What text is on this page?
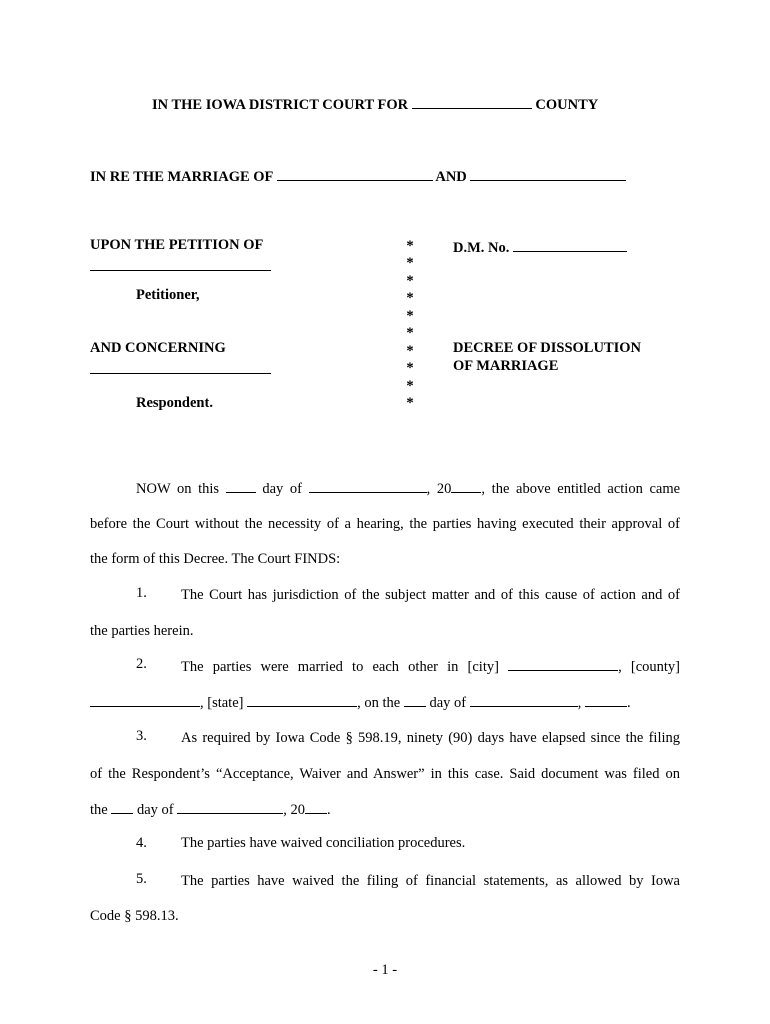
IN THE IOWA DISTRICT COURT FOR	COUNTY
IN RE THE MARRIAGE OF	AND
UPON THE PETITION OF
Petitioner,
AND CONCERNING
Respondent.
*
*
*
*
*
*
*
*
*
*
D.M. No.
DECREE OF DISSOLUTION
OF MARRIAGE
NOW on this	day of	, 20 , the above entitled action came
before the Court without the necessity of a hearing, the parties having executed their approval of
the form of this Decree. The Court FINDS:
1. The Court has jurisdiction of the subject matter and of this cause of action and of
the parties herein.
2. The parties were married to each other in [city]	, [county]
, [state]	, on the day of	,	.
3. As required by Iowa Code § 598.19, ninety (90) days have elapsed since the filing
of the Respondent’s “Acceptance, Waiver and Answer” in this case. Said document was filed on
the day of	, 20 .
4. The parties have waived conciliation procedures.
5. The parties have waived the filing of financial statements, as allowed by Iowa
Code § 598.13.
- 1 -
